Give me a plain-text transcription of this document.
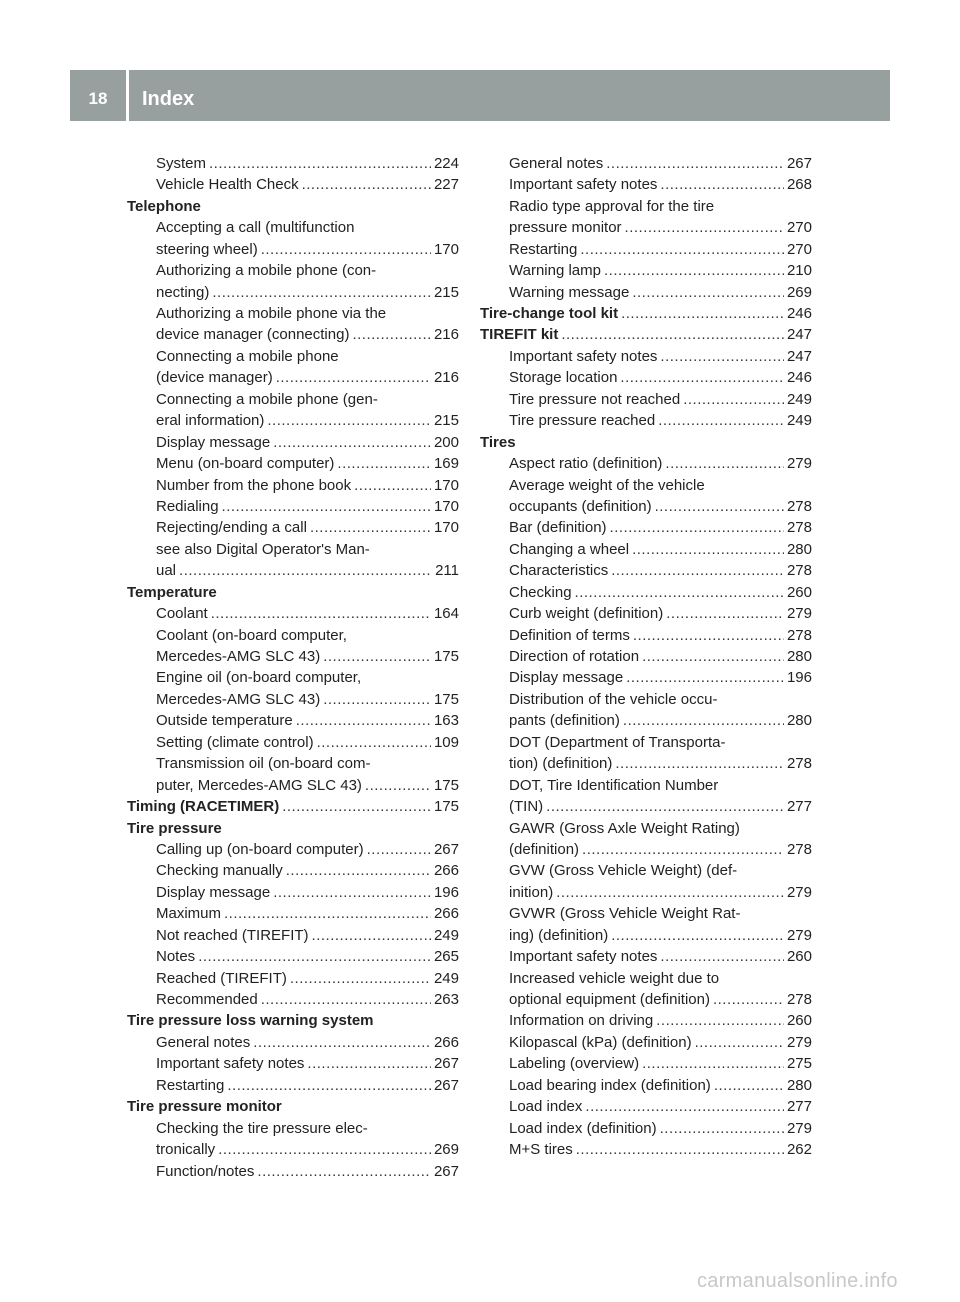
18	Index
System .....	224
Vehicle Health Check .....	227
Telephone
Accepting a call (multifunction
steering wheel) .....	170
Authorizing a mobile phone (con-
necting) .....	215
Authorizing a mobile phone via the
device manager (connecting) .....	216
Connecting a mobile phone
(device manager) .....	216
Connecting a mobile phone (gen-
eral information) .....	215
Display message .....	200
Menu (on-board computer) .....	169
Number from the phone book .....	170
Redialing .....	170
Rejecting/ending a call .....	170
see also Digital Operator's Man-
ual .....	211
Temperature
Coolant .....	164
Coolant (on-board computer,
Mercedes-AMG SLC 43) .....	175
Engine oil (on-board computer,
Mercedes-AMG SLC 43) .....	175
Outside temperature .....	163
Setting (climate control) .....	109
Transmission oil (on-board com-
puter, Mercedes-AMG SLC 43) .....	175
Timing (RACETIMER) .....	175
Tire pressure
Calling up (on-board computer) .....	267
Checking manually .....	266
Display message .....	196
Maximum .....	266
Not reached (TIREFIT) .....	249
Notes .....	265
Reached (TIREFIT) .....	249
Recommended .....	263
Tire pressure loss warning system
General notes .....	266
Important safety notes .....	267
Restarting .....	267
Tire pressure monitor
Checking the tire pressure elec-
tronically .....	269
Function/notes .....	267
General notes .....	267
Important safety notes .....	268
Radio type approval for the tire
pressure monitor .....	270
Restarting .....	270
Warning lamp .....	210
Warning message .....	269
Tire-change tool kit .....	246
TIREFIT kit .....	247
Important safety notes .....	247
Storage location .....	246
Tire pressure not reached .....	249
Tire pressure reached .....	249
Tires
Aspect ratio (definition) .....	279
Average weight of the vehicle
occupants (definition) .....	278
Bar (definition) .....	278
Changing a wheel .....	280
Characteristics .....	278
Checking .....	260
Curb weight (definition) .....	279
Definition of terms .....	278
Direction of rotation .....	280
Display message .....	196
Distribution of the vehicle occu-
pants (definition) .....	280
DOT (Department of Transporta-
tion) (definition) .....	278
DOT, Tire Identification Number
(TIN) .....	277
GAWR (Gross Axle Weight Rating)
(definition) .....	278
GVW (Gross Vehicle Weight) (def-
inition) .....	279
GVWR (Gross Vehicle Weight Rat-
ing) (definition) .....	279
Important safety notes .....	260
Increased vehicle weight due to
optional equipment (definition) .....	278
Information on driving .....	260
Kilopascal (kPa) (definition) .....	279
Labeling (overview) .....	275
Load bearing index (definition) .....	280
Load index .....	277
Load index (definition) .....	279
M+S tires .....	262
carmanualsonline.info
